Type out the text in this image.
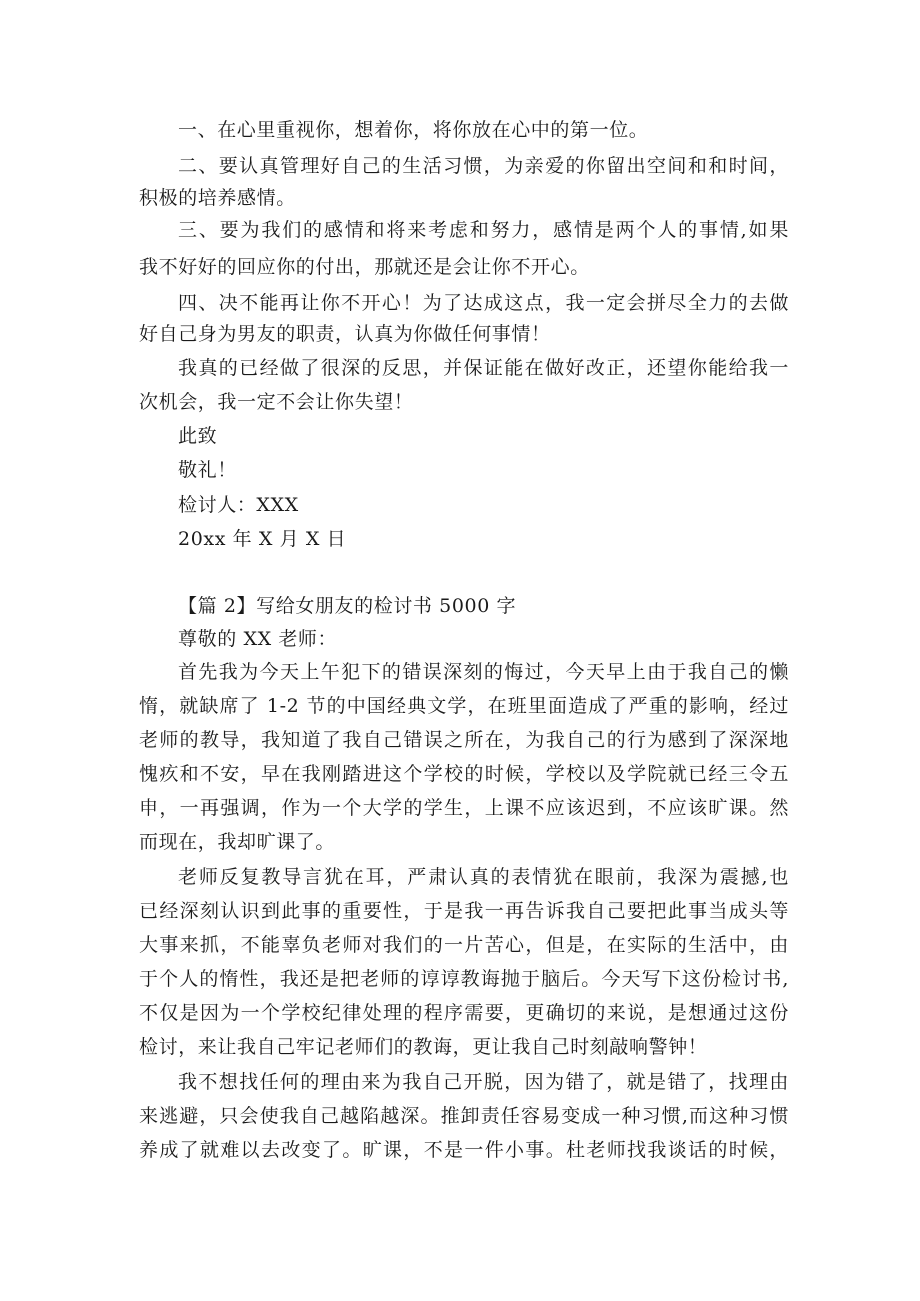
一、在心里重视你，想着你，将你放在心中的第一位。
二、要认真管理好自己的生活习惯，为亲爱的你留出空间和和时间，
积极的培养感情。
三、要为我们的感情和将来考虑和努力，感情是两个人的事情,如果
我不好好的回应你的付出，那就还是会让你不开心。
四、决不能再让你不开心！为了达成这点，我一定会拼尽全力的去做
好自己身为男友的职责，认真为你做任何事情！
我真的已经做了很深的反思，并保证能在做好改正，还望你能给我一
次机会，我一定不会让你失望！
此致
敬礼！
检讨人：XXX
20xx 年 X 月 X 日
【篇 2】写给女朋友的检讨书 5000 字
尊敬的 XX 老师：
首先我为今天上午犯下的错误深刻的悔过，今天早上由于我自己的懒
惰，就缺席了 1-2 节的中国经典文学，在班里面造成了严重的影响，经过
老师的教导，我知道了我自己错误之所在，为我自己的行为感到了深深地
愧疚和不安，早在我刚踏进这个学校的时候，学校以及学院就已经三令五
申，一再强调，作为一个大学的学生，上课不应该迟到，不应该旷课。然
而现在，我却旷课了。
老师反复教导言犹在耳，严肃认真的表情犹在眼前，我深为震撼,也
已经深刻认识到此事的重要性，于是我一再告诉我自己要把此事当成头等
大事来抓，不能辜负老师对我们的一片苦心，但是，在实际的生活中，由
于个人的惰性，我还是把老师的谆谆教诲抛于脑后。今天写下这份检讨书,
不仅是因为一个学校纪律处理的程序需要，更确切的来说，是想通过这份
检讨，来让我自己牢记老师们的教诲，更让我自己时刻敲响警钟！
我不想找任何的理由来为我自己开脱，因为错了，就是错了，找理由
来逃避，只会使我自己越陷越深。推卸责任容易变成一种习惯,而这种习惯
养成了就难以去改变了。旷课，不是一件小事。杜老师找我谈话的时候，
